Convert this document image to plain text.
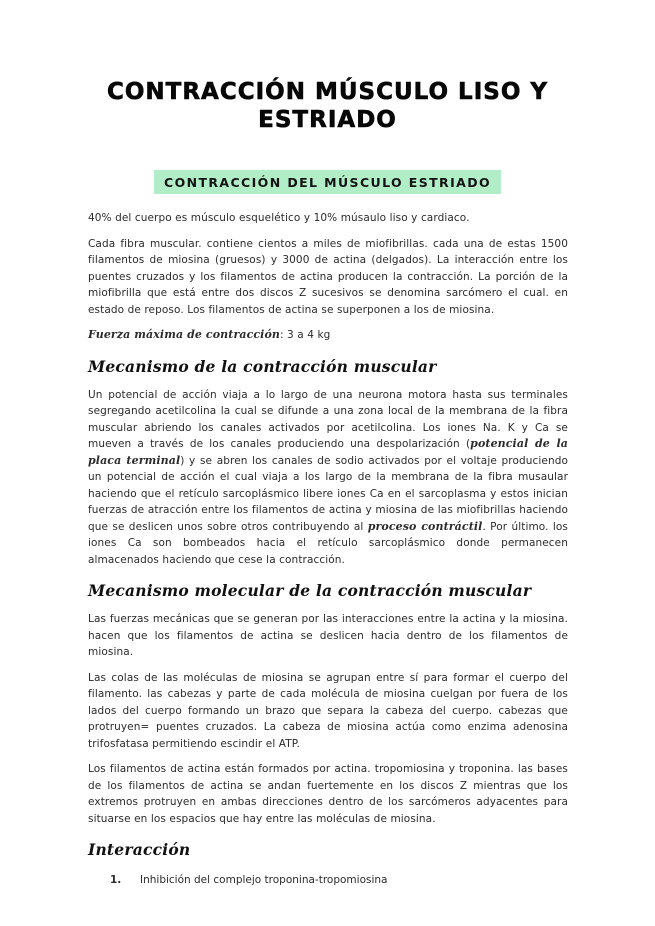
CONTRACCIÓN MÚSCULO LISO Y ESTRIADO
CONTRACCIÓN DEL MÚSCULO ESTRIADO

40% del cuerpo es músculo esquelético y 10% músaulo liso y cardiaco.

Cada fibra muscular. contiene cientos a miles de miofibrillas. cada una de estas 1500 filamentos de miosina (gruesos) y 3000 de actina (delgados). La interacción entre los puentes cruzados y los filamentos de actina producen la contracción. La porción de la miofibrilla que está entre dos discos Z sucesivos se denomina sarcómero el cual. en estado de reposo. Los filamentos de actina se superponen a los de miosina.

Fuerza máxima de contracción: 3 a 4 kg

Mecanismo de la contracción muscular

Un potencial de acción viaja a lo largo de una neurona motora hasta sus terminales segregando acetilcolina la cual se difunde a una zona local de la membrana de la fibra muscular abriendo los canales activados por acetilcolina. Los iones Na. K y Ca se mueven a través de los canales produciendo una despolarización (potencial de la placa terminal) y se abren los canales de sodio activados por el voltaje produciendo un potencial de acción el cual viaja a los largo de la membrana de la fibra musaular haciendo que el retículo sarcoplásmico libere iones Ca en el sarcoplasma y estos inician fuerzas de atracción entre los filamentos de actina y miosina de las miofibrillas haciendo que se deslicen unos sobre otros contribuyendo al proceso contráctil. Por último. los iones Ca son bombeados hacia el retículo sarcoplásmico donde permanecen almacenados haciendo que cese la contracción.

Mecanismo molecular de la contracción muscular

Las fuerzas mecánicas que se generan por las interacciones entre la actina y la miosina. hacen que los filamentos de actina se deslicen hacia dentro de los filamentos de miosina.

Las colas de las moléculas de miosina se agrupan entre sí para formar el cuerpo del filamento. las cabezas y parte de cada molécula de miosina cuelgan por fuera de los lados del cuerpo formando un brazo que separa la cabeza del cuerpo. cabezas que protruyen= puentes cruzados. La cabeza de miosina actúa como enzima adenosina trifosfatasa permitiendo escindir el ATP.

Los filamentos de actina están formados por actina. tropomiosina y troponina. las bases de los filamentos de actina se andan fuertemente en los discos Z mientras que los extremos protruyen en ambas direcciones dentro de los sarcómeros adyacentes para situarse en los espacios que hay entre las moléculas de miosina.

Interacción
1.	Inhibición del complejo troponina-tropomiosina
